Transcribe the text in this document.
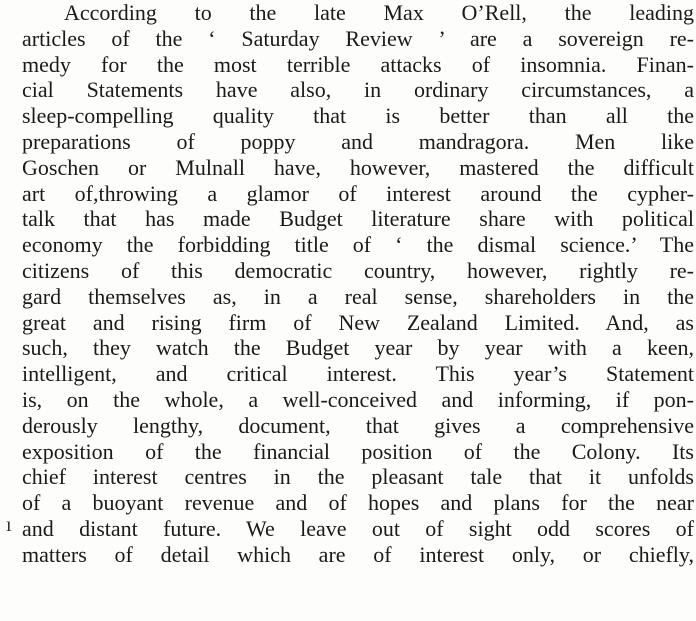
ı
According to the late Max O’Rell, the leading
articles of the ‘ Saturday Review ’ are a sovereign re-
medy for the most terrible attacks of insomnia. Finan-
cial Statements have also, in ordinary circumstances, a
sleep-compelling quality that is better than all the
preparations of poppy and mandragora. Men like
Goschen or Mulnall have, however, mastered the difficult
art of,throwing a glamor of interest around the cypher-
talk that has made Budget literature share with political
economy the forbidding title of ‘ the dismal science.’ The
citizens of this democratic country, however, rightly re-
gard themselves as, in a real sense, shareholders in the
great and rising firm of New Zealand Limited. And, as
such, they watch the Budget year by year with a keen,
intelligent, and critical interest. This year’s Statement
is, on the whole, a well-conceived and informing, if pon-
derously lengthy, document, that gives a comprehensive
exposition of the financial position of the Colony. Its
chief interest centres in the pleasant tale that it unfolds
of a buoyant revenue and of hopes and plans for the near
and distant future. We leave out of sight odd scores of
matters of detail which are of interest only, or chiefly,
